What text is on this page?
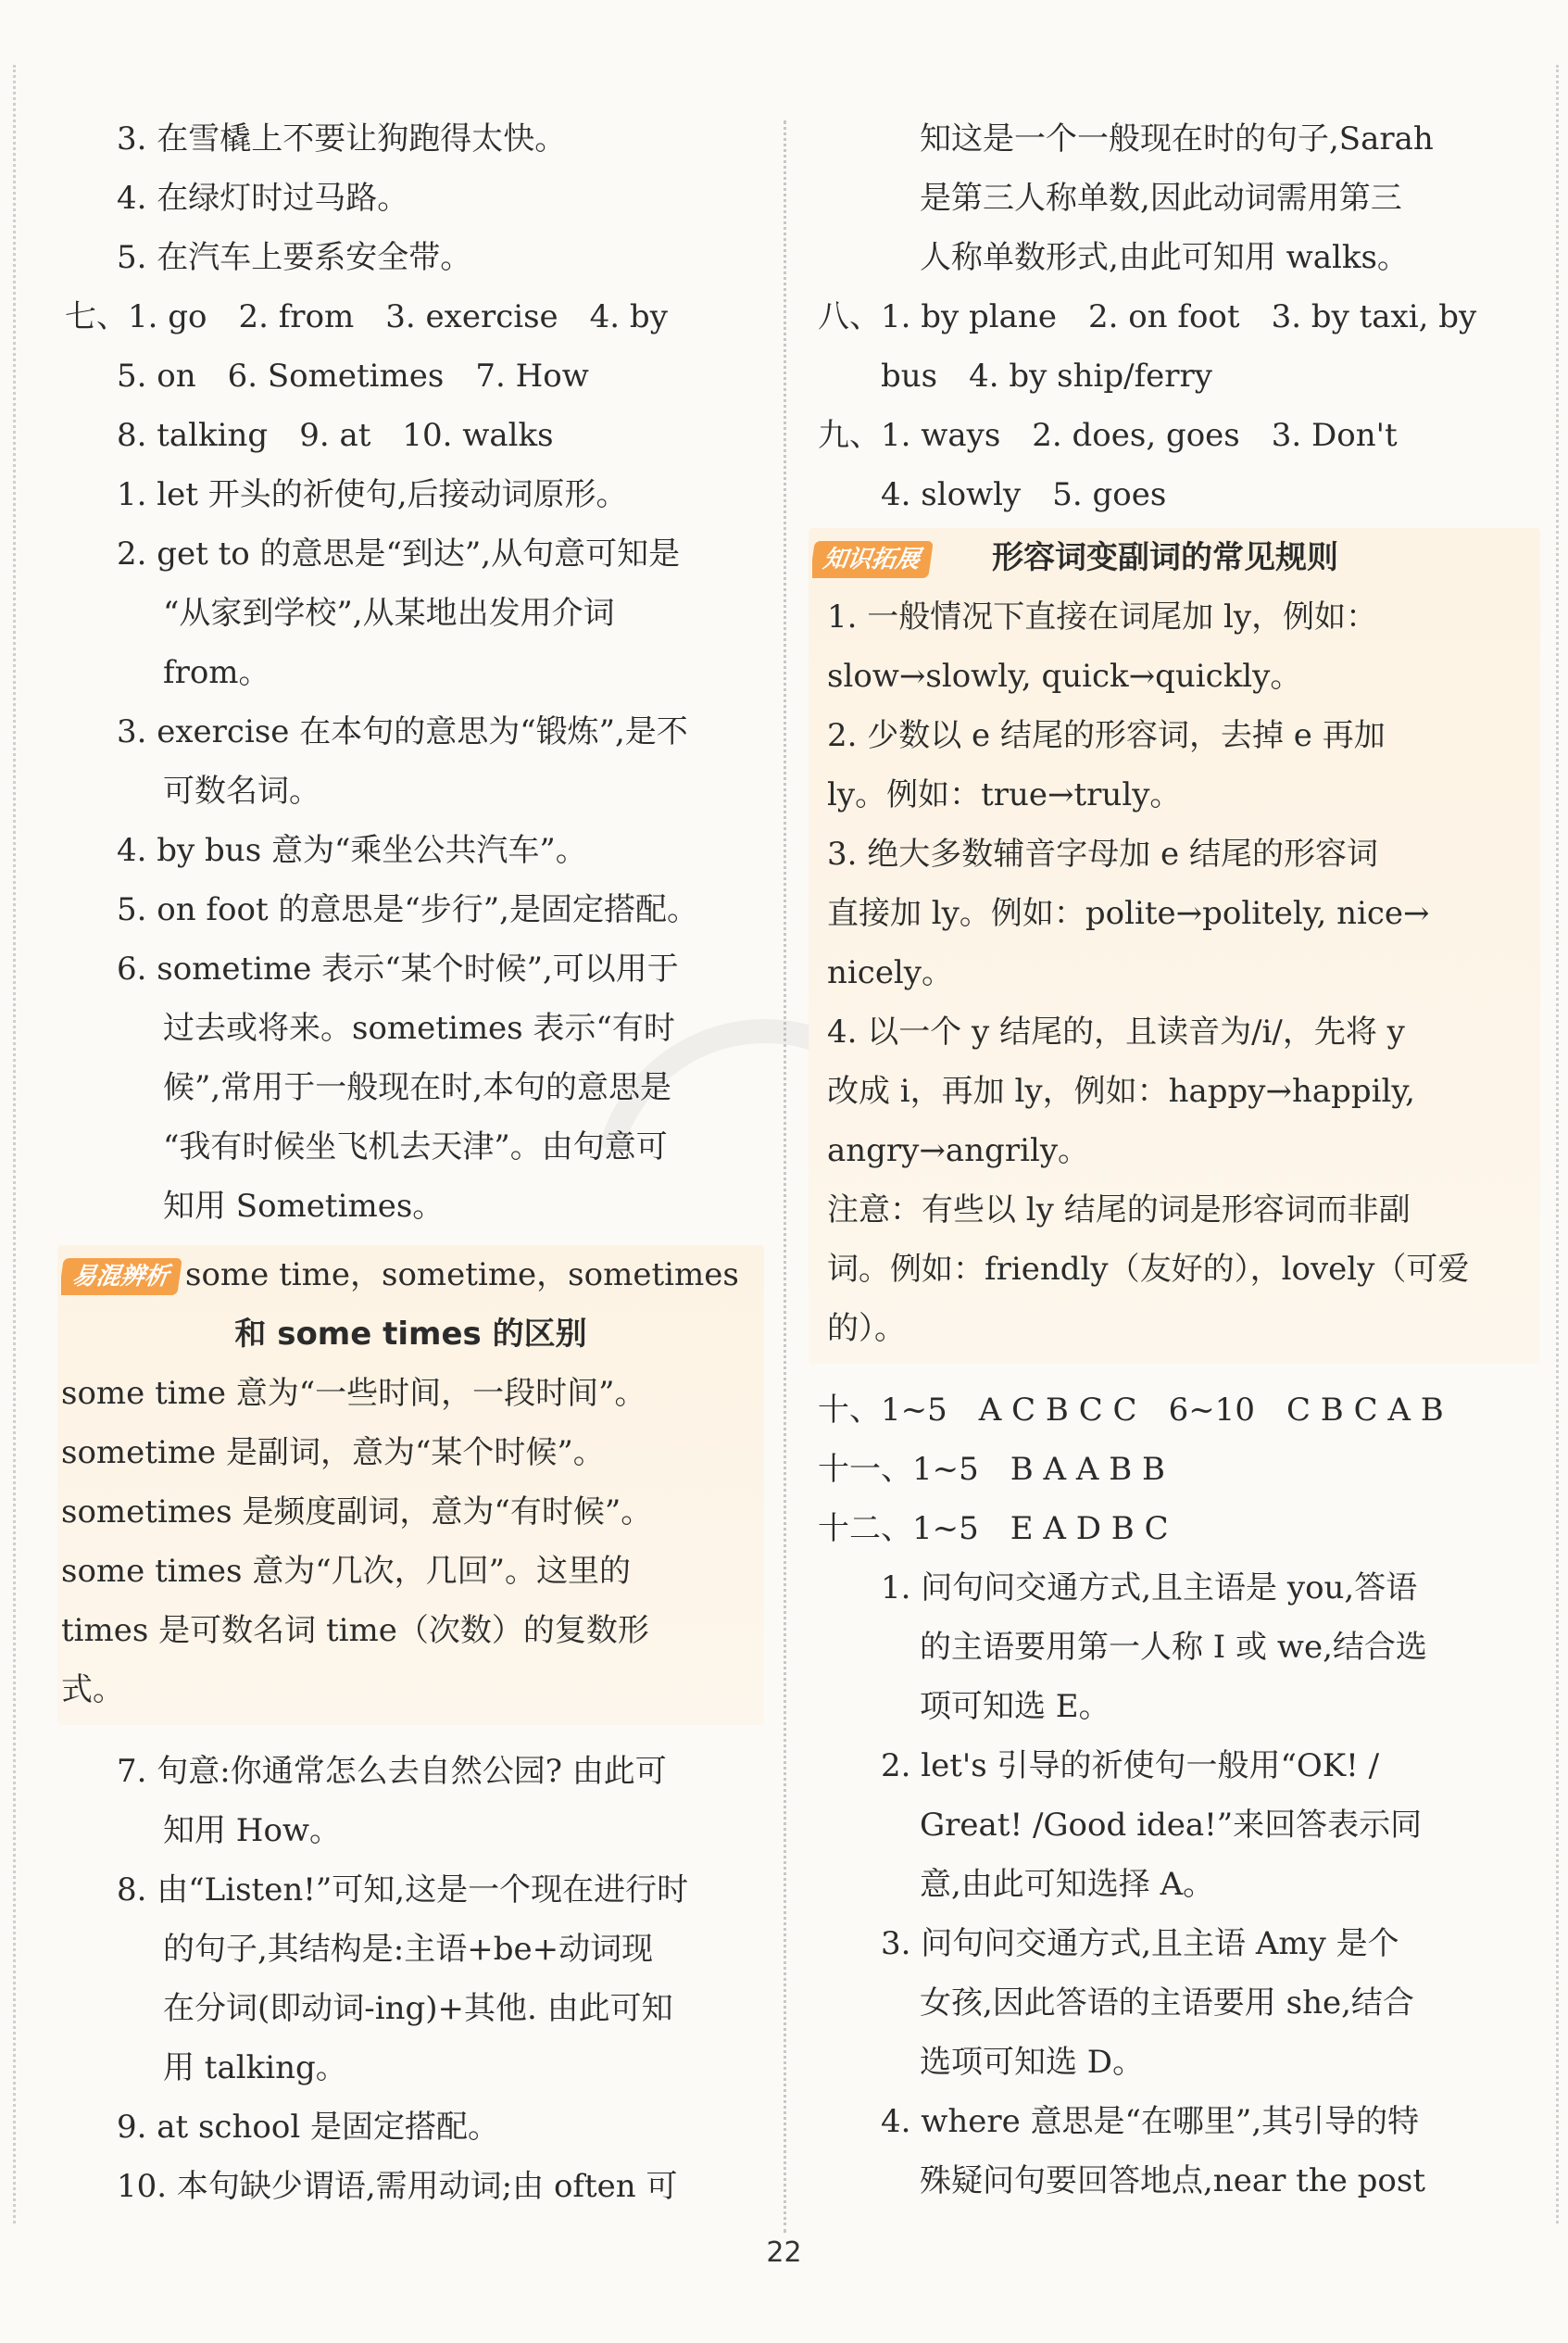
3. 在雪橇上不要让狗跑得太快。
4. 在绿灯时过马路。
5. 在汽车上要系安全带。
七、1. go　2. from　3. exercise　4. by
5. on　6. Sometimes　7. How
8. talking　9. at　10. walks
1. let 开头的祈使句,后接动词原形。
2. get to 的意思是“到达”,从句意可知是
“从家到学校”,从某地出发用介词
from。
3. exercise 在本句的意思为“锻炼”,是不
可数名词。
4. by bus 意为“乘坐公共汽车”。
5. on foot 的意思是“步行”,是固定搭配。
6. sometime 表示“某个时候”,可以用于
过去或将来。sometimes 表示“有时
候”,常用于一般现在时,本句的意思是
“我有时候坐飞机去天津”。由句意可
知用 Sometimes。
易混辨析 some time，sometime，sometimes
和 some times 的区别
some time 意为“一些时间，一段时间”。
sometime 是副词，意为“某个时候”。
sometimes 是频度副词，意为“有时候”。
some times 意为“几次，几回”。这里的
times 是可数名词 time（次数）的复数形
式。
7. 句意:你通常怎么去自然公园? 由此可
知用 How。
8. 由“Listen!”可知,这是一个现在进行时
的句子,其结构是:主语+be+动词现
在分词(即动词-ing)+其他. 由此可知
用 talking。
9. at school 是固定搭配。
10. 本句缺少谓语,需用动词;由 often 可
知这是一个一般现在时的句子,Sarah
是第三人称单数,因此动词需用第三
人称单数形式,由此可知用 walks。
八、1. by plane　2. on foot　3. by taxi, by
bus　4. by ship/ferry
九、1. ways　2. does, goes　3. Don't
4. slowly　5. goes
知识拓展 形容词变副词的常见规则
1. 一般情况下直接在词尾加 ly，例如：
slow→slowly, quick→quickly。
2. 少数以 e 结尾的形容词，去掉 e 再加
ly。例如：true→truly。
3. 绝大多数辅音字母加 e 结尾的形容词
直接加 ly。例如：polite→politely, nice→
nicely。
4. 以一个 y 结尾的，且读音为/i/，先将 y
改成 i，再加 ly，例如：happy→happily,
angry→angrily。
注意：有些以 ly 结尾的词是形容词而非副
词。例如：friendly（友好的），lovely（可爱
的）。
十、1~5　A C B C C　6~10　C B C A B
十一、1~5　B A A B B
十二、1~5　E A D B C
1. 问句问交通方式,且主语是 you,答语
的主语要用第一人称 I 或 we,结合选
项可知选 E。
2. let's 引导的祈使句一般用“OK! /
Great! /Good idea!”来回答表示同
意,由此可知选择 A。
3. 问句问交通方式,且主语 Amy 是个
女孩,因此答语的主语要用 she,结合
选项可知选 D。
4. where 意思是“在哪里”,其引导的特
殊疑问句要回答地点,near the post
22
